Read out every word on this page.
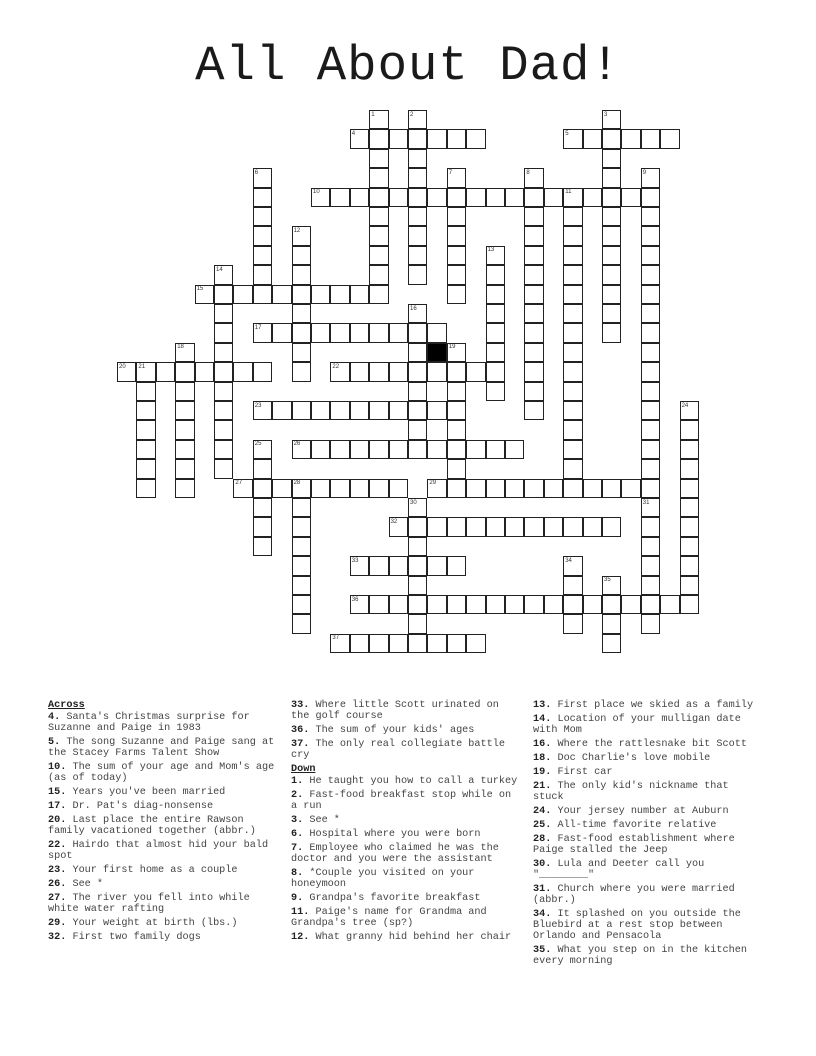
All About Dad!
1	2	3
4	5
6	7	8	9
10	11
12
13
14
15
16
17
18	19
20 21	22
23	24
25	26
27	28	29
30	31
32
33	34
35
36
37
Across
4. Santa's Christmas surprise for Suzanne and Paige in 1983
5. The song Suzanne and Paige sang at the Stacey Farms Talent Show
10. The sum of your age and Mom's age (as of today)
15. Years you've been married
17. Dr. Pat's diag-nonsense
20. Last place the entire Rawson family vacationed together (abbr.)
22. Hairdo that almost hid your bald spot
23. Your first home as a couple
26. See *
27. The river you fell into while white water rafting
29. Your weight at birth (lbs.)
32. First two family dogs
33. Where little Scott urinated on the golf course
36. The sum of your kids' ages
37. The only real collegiate battle cry
Down
1. He taught you how to call a turkey
2. Fast-food breakfast stop while on a run
3. See *
6. Hospital where you were born
7. Employee who claimed he was the doctor and you were the assistant
8. *Couple you visited on your honeymoon
9. Grandpa's favorite breakfast
11. Paige's name for Grandma and Grandpa's tree (sp?)
12. What granny hid behind her chair
13. First place we skied as a family
14. Location of your mulligan date with Mom
16. Where the rattlesnake bit Scott
18. Doc Charlie's love mobile
19. First car
21. The only kid's nickname that stuck
24. Your jersey number at Auburn
25. All-time favorite relative
28. Fast-food establishment where Paige stalled the Jeep
30. Lula and Deeter call you "________"
31. Church where you were married (abbr.)
34. It splashed on you outside the Bluebird at a rest stop between Orlando and Pensacola
35. What you step on in the kitchen every morning
